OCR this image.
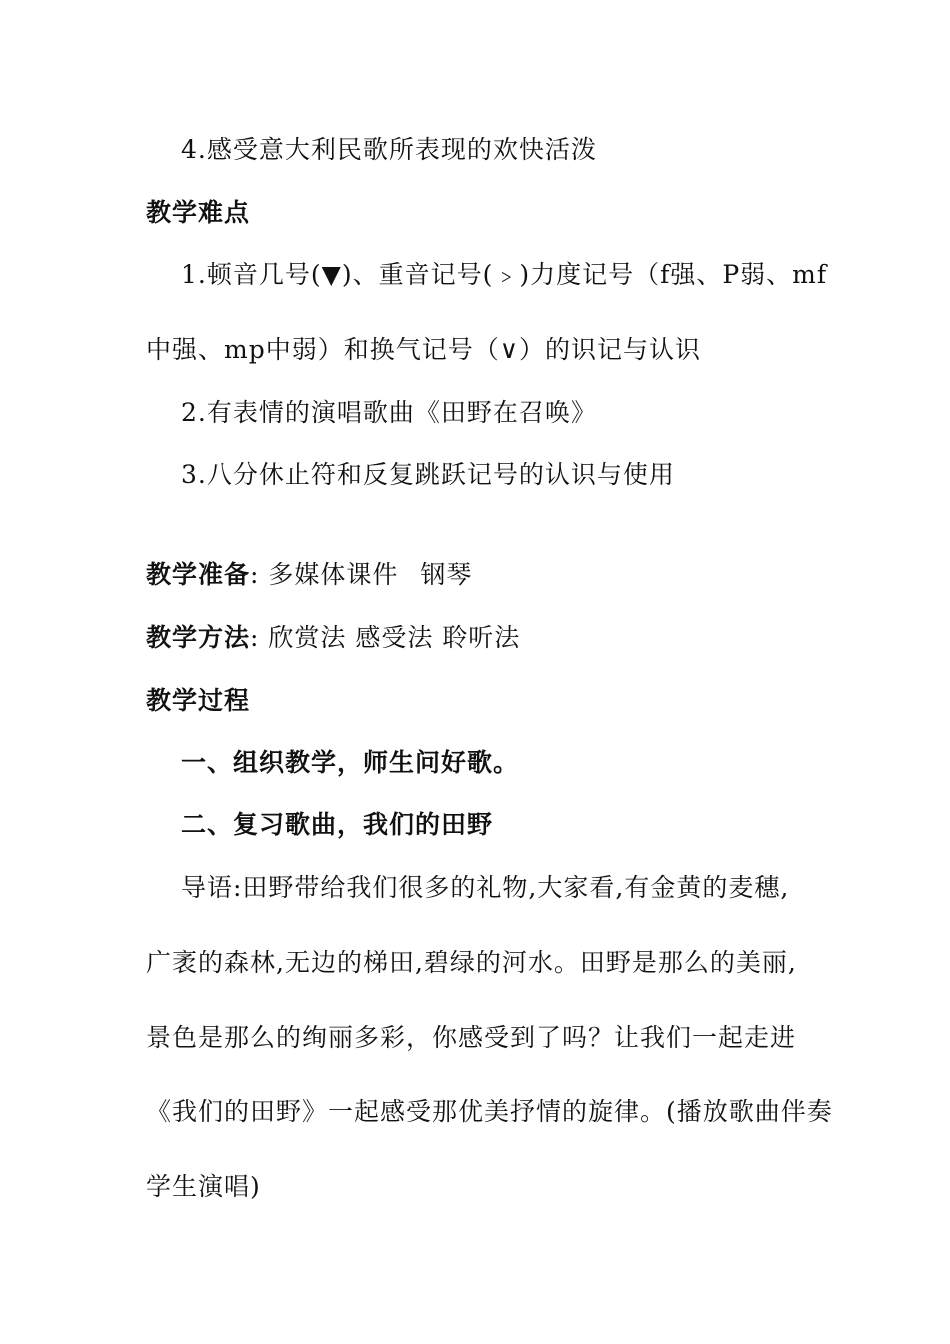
4.感受意大利民歌所表现的欢快活泼
教学难点
1.顿音几号(▼)、重音记号(﹥)力度记号（f强、P弱、mf
中强、mp中弱）和换气记号（∨）的识记与认识
2.有表情的演唱歌曲《田野在召唤》
3.八分休止符和反复跳跃记号的认识与使用
教学准备: 多媒体课件 钢琴
教学方法: 欣赏法 感受法 聆听法
教学过程
一、组织教学，师生问好歌。
二、复习歌曲，我们的田野
导语:田野带给我们很多的礼物,大家看,有金黄的麦穗,
广袤的森林,无边的梯田,碧绿的河水。田野是那么的美丽,
景色是那么的绚丽多彩，你感受到了吗？让我们一起走进
《我们的田野》一起感受那优美抒情的旋律。(播放歌曲伴奏
学生演唱)
